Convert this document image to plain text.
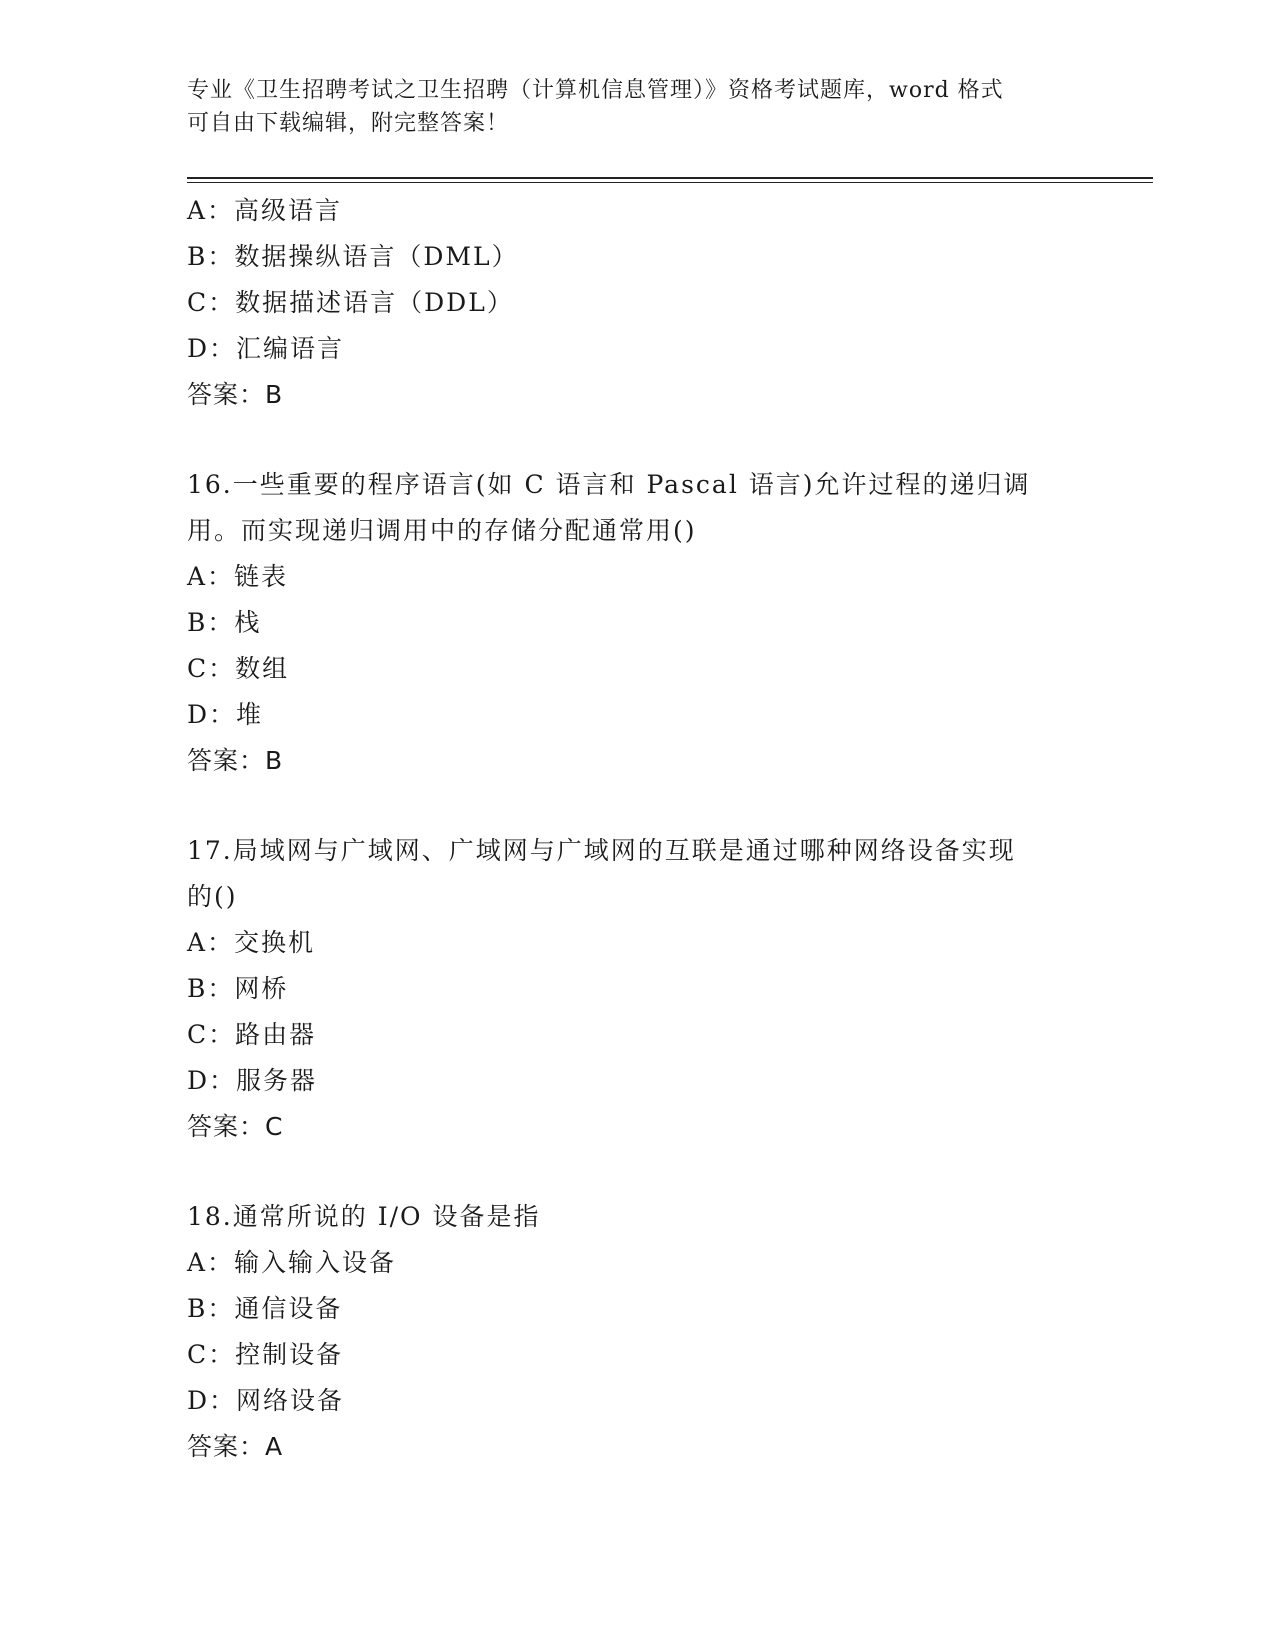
专业《卫生招聘考试之卫生招聘（计算机信息管理）》资格考试题库，word 格式
可自由下载编辑，附完整答案！
A：高级语言
B：数据操纵语言（DML）
C：数据描述语言（DDL）
D：汇编语言
答案：B
16.一些重要的程序语言(如 C 语言和 Pascal 语言)允许过程的递归调
用。而实现递归调用中的存储分配通常用()
A：链表
B：栈
C：数组
D：堆
答案：B
17.局域网与广域网、广域网与广域网的互联是通过哪种网络设备实现
的()
A：交换机
B：网桥
C：路由器
D：服务器
答案：C
18.通常所说的 I/O 设备是指
A：输入输入设备
B：通信设备
C：控制设备
D：网络设备
答案：A
